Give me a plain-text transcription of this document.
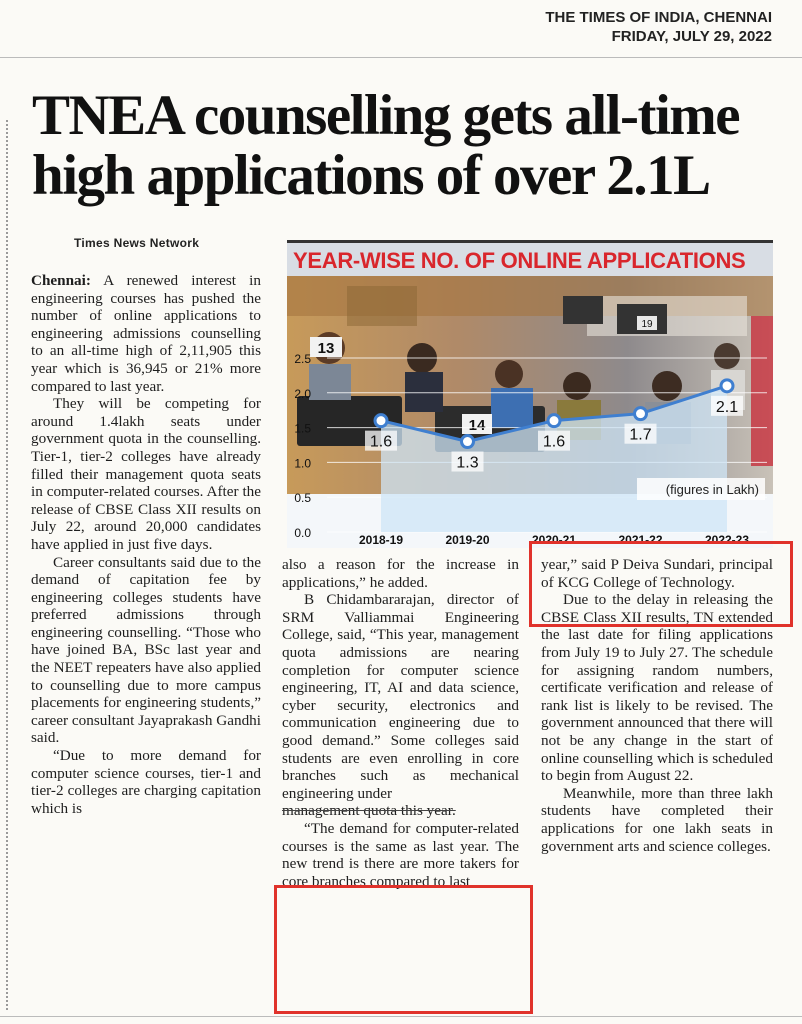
THE TIMES OF INDIA, CHENNAI
FRIDAY, JULY 29, 2022
TNEA counselling gets all-time high applications of over 2.1L
Times News Network
YEAR-WISE NO. OF ONLINE APPLICATIONS
13
14
19
0.0
0.5
1.0
1.5
2.0
2.5
2018-19	2019-20	2020-21	2021-22	2022-23
1.6
1.3
1.6	1.7
2.1
(figures in Lakh)

Chennai: A renewed interest in engineering courses has pushed the number of online applications to engineering admissions counselling to an all-time high of 2,11,905 this year which is 36,945 or 21% more compared to last year.

They will be competing for around 1.4lakh seats under government quota in the counselling. Tier-1, tier-2 colleges have already filled their management quota seats in computer-related courses. After the release of CBSE Class XII results on July 22, around 20,000 candidates have applied in just five days.

Career consultants said due to the demand of capitation fee by engineering colleges students have preferred admissions through engineering counselling. “Those who have joined BA, BSc last year and the NEET repeaters have also applied to counselling due to more campus placements for engineering students,” career consultant Jayaprakash Gandhi said.

“Due to more demand for computer science courses, tier-1 and tier-2 colleges are charging capitation which is

also a reason for the increase in applications,” he added.

B Chidambararajan, director of SRM Valliammai Engineering College, said, “This year, management quota admissions are nearing completion for computer science engineering, IT, AI and data science, cyber security, electronics and communication engineering due to good demand.” Some colleges said students are even enrolling in core branches such as mechanical engineering under

management quota this year.

“The demand for computer-related courses is the same as last year. The new trend is there are more takers for core branches compared to last

year,” said P Deiva Sundari, principal of KCG College of Technology.

Due to the delay in releasing the CBSE Class XII results, TN extended the last date for filing applications from July 19 to July 27. The schedule for assigning random numbers, certificate verification and release of rank list is likely to be revised. The government announced that there will not be any change in the start of online counselling which is scheduled to begin from August 22.

Meanwhile, more than three lakh students have completed their applications for one lakh seats in government arts and science colleges.
